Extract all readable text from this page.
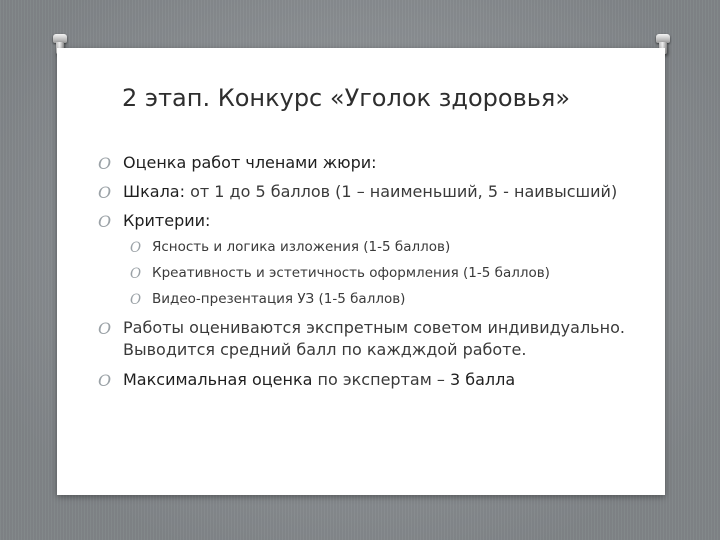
2 этап. Конкурс «Уголок здоровья»
O Оценка работ членами жюри:
O Шкала: от 1 до 5 баллов (1 – наименьший, 5 - наивысший)
O Критерии:
O Ясность и логика изложения (1-5 баллов)
O Креативность и эстетичность оформления (1-5 баллов)
O Видео-презентация УЗ (1-5 баллов)
O Работы оцениваются экспретным советом индивидуально.
Выводится средний балл по каждждой работе.
O Максимальная оценка по экспертам – 3 балла
